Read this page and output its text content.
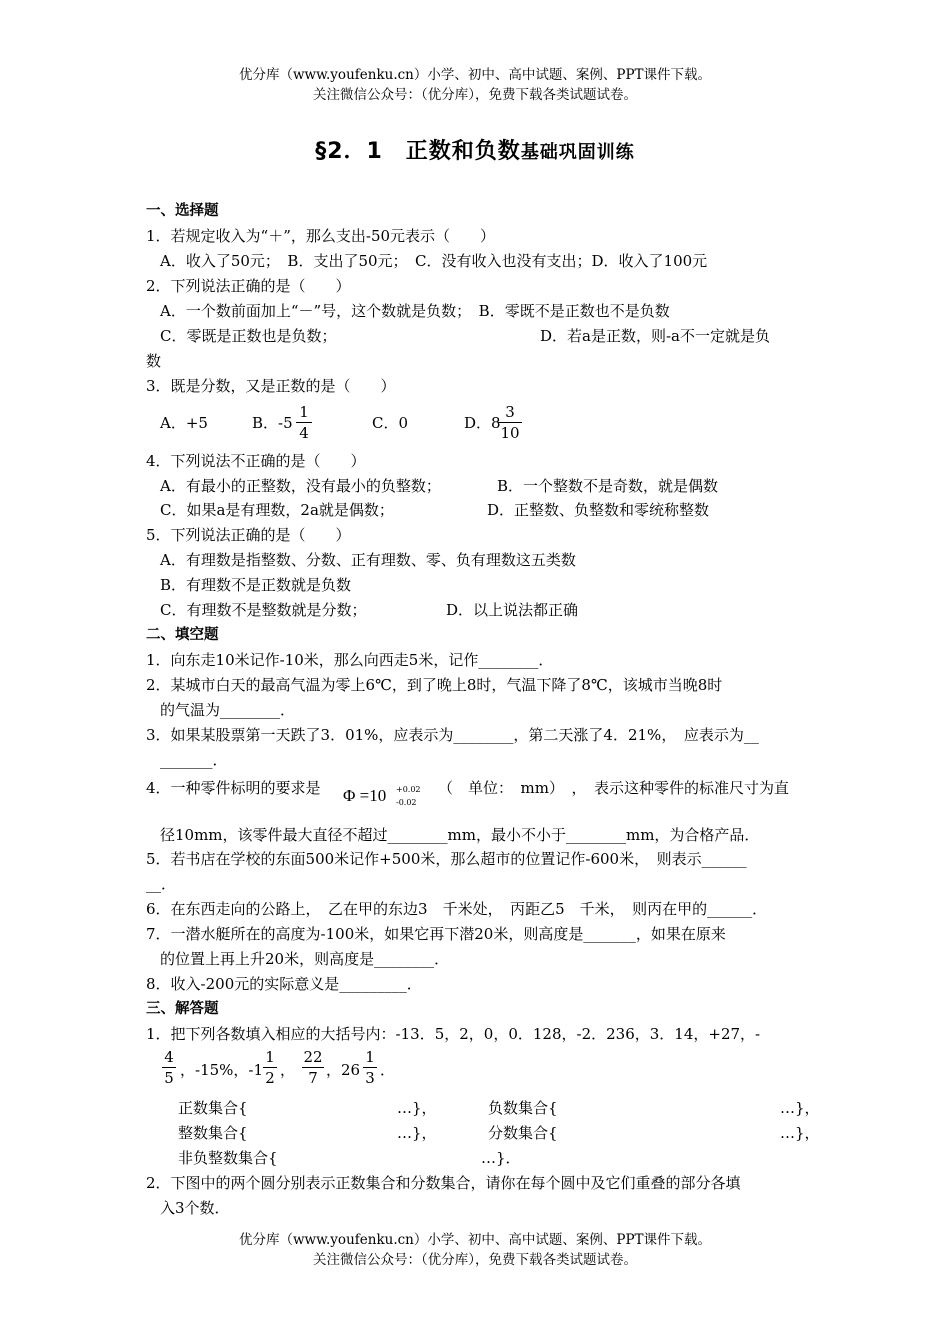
优分库（www.youfenku.cn）小学、初中、高中试题、案例、PPT课件下载。
关注微信公众号：（优分库），免费下载各类试题试卷。
§2．1　正数和负数基础巩固训练
一、选择题
1．若规定收入为“＋”，那么支出-50元表示（　　）
A．收入了50元；　B．支出了50元；　C．没有收入也没有支出；D．收入了100元
2．下列说法正确的是（　　）
A．一个数前面加上“－”号，这个数就是负数；　B．零既不是正数也不是负数
C．零既是正数也是负数；	D．若a是正数，则-a不一定就是负
数
3．既是分数，又是正数的是（　　）
A．+5	B．-5
1
4
C．0	D．8
3
10
4．下列说法不正确的是（　　）
A．有最小的正整数，没有最小的负整数；	B．一个整数不是奇数，就是偶数
C．如果a是有理数，2a就是偶数；	D．正整数、负整数和零统称整数
5．下列说法正确的是（　　）
A．有理数是指整数、分数、正有理数、零、负有理数这五类数
B．有理数不是正数就是负数
C．有理数不是整数就是分数；	D．以上说法都正确
二、填空题
1．向东走10米记作-10米，那么向西走5米，记作________．
2．某城市白天的最高气温为零上6℃，到了晚上8时，气温下降了8℃，该城市当晚8时
的气温为________．
3．如果某股票第一天跌了3．01%，应表示为________，第二天涨了4．21%，　应表示为__
_______．
4．一种零件标明的要求是 Φ =10 +0.02
-0.02
（　单位：　mm）　，　表示这种零件的标准尺寸为直
径10mm，该零件最大直径不超过________mm，最小不小于________mm，为合格产品．
5．若书店在学校的东面500米记作+500米，那么超市的位置记作-600米，　则表示______
__．
6．在东西走向的公路上，　乙在甲的东边3　千米处，　丙距乙5　千米，　则丙在甲的______．
7．一潜水艇所在的高度为-100米，如果它再下潜20米，则高度是_______，如果在原来
的位置上再上升20米，则高度是________．
8．收入-200元的实际意义是_________．
三、解答题
1．把下列各数填入相应的大括号内：-13．5，2，0，0．128，-2．236，3．14，+27，-
4
5 ，-15%，-1
1
2 ，
22
7 ，26
1
3 ．
正数集合{	…}，	负数集合{	…}，
整数集合{	…}，	分数集合{	…}，
非负整数集合{	…}．
2．下图中的两个圆分别表示正数集合和分数集合，请你在每个圆中及它们重叠的部分各填
入3个数．
优分库（www.youfenku.cn）小学、初中、高中试题、案例、PPT课件下载。
关注微信公众号：（优分库），免费下载各类试题试卷。
